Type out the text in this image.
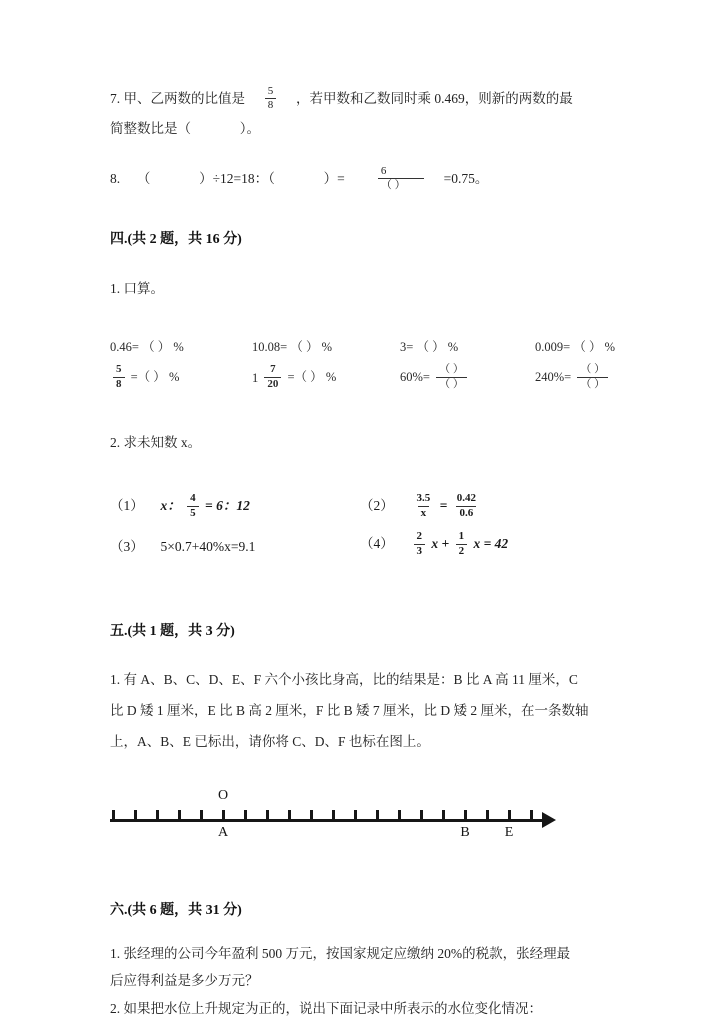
7. 甲、乙两数的比值是 $\frac{5}{8}$ ，若甲数和乙数同时乘 0.469，则新的两数的最
简整数比是（	）。
8. （	）÷12=18：（	）=	$\frac{6}{( )} =0.75$。
四.(共 2 题，共 16 分)
1. 口算。
0.46= （ ） %	10.08= （ ） %	3= （ ） %	0.009= （ ） %
$\frac{5}{8}$ =（ ） %	$1 \frac{7}{20}$ =（ ） %	$60\%= \frac{( )}{( )}$	$240\%= \frac{( )}{( )}$
2. 求未知数 x。
（1） x： $\frac{4}{5} = 6$：12	$(2) \frac{3.5}{x} = \frac{0.42}{0.6}$
（3） 5×0.7+40%x=9.1	$(4) \frac{2}{3}$ $x + \frac{1}{2}$ x = 42
五.(共 1 题，共 3 分)
1. 有 A、B、C、D、E、F 六个小孩比身高，比的结果是：B 比 A 高 11 厘米，C
比 D 矮 1 厘米，E 比 B 高 2 厘米，F 比 B 矮 7 厘米，比 D 矮 2 厘米，在一条数轴
上，A、B、E 已标出，请你将 C、D、F 也标在图上。
O
A	B	E
六.(共 6 题，共 31 分)
1. 张经理的公司今年盈利 500 万元，按国家规定应缴纳 20%的税款，张经理最
后应得利益是多少万元？
2. 如果把水位上升规定为正的，说出下面记录中所表示的水位变化情况：
